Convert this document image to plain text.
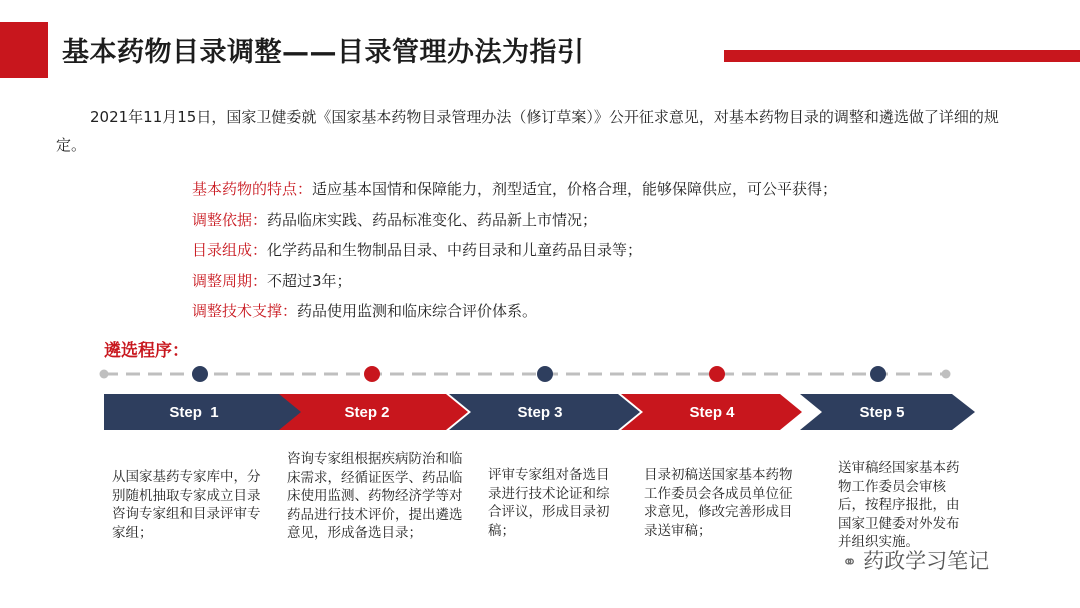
基本药物目录调整——目录管理办法为指引
2021年11月15日，国家卫健委就《国家基本药物目录管理办法（修订草案）》公开征求意见，对基本药物目录的调整和遴选做了详细的规定。
基本药物的特点：适应基本国情和保障能力，剂型适宜，价格合理，能够保障供应，可公平获得；
调整依据：药品临床实践、药品标准变化、药品新上市情况；
目录组成：化学药品和生物制品目录、中药目录和儿童药品目录等；
调整周期：不超过3年；
调整技术支撑：药品使用监测和临床综合评价体系。
遴选程序：
Step  1	Step 2	Step 3	Step 4	Step 5
从国家基药专家库中，分别随机抽取专家成立目录咨询专家组和目录评审专家组；
咨询专家组根据疾病防治和临床需求，经循证医学、药品临床使用监测、药物经济学等对药品进行技术评价，提出遴选意见，形成备选目录；
评审专家组对备选目录进行技术论证和综合评议，形成目录初稿；
目录初稿送国家基本药物工作委员会各成员单位征求意见，修改完善形成目录送审稿；
送审稿经国家基本药物工作委员会审核后，按程序报批，由国家卫健委对外发布并组织实施。
⚭ 药政学习笔记
